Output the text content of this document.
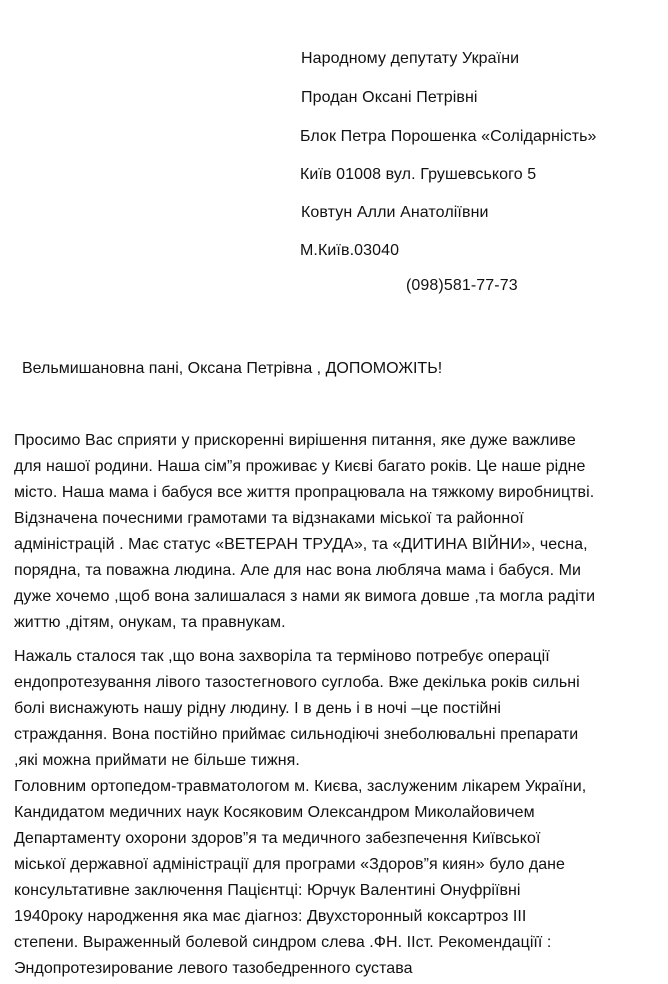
Народному депутату України
Продан Оксані Петрівні
Блок Петра Порошенка «Солідарність»
Київ 01008 вул. Грушевського 5
Ковтун Алли Анатоліївни
М.Київ.03040
(098)581-77-73
Вельмишановна пані, Оксана Петрівна , ДОПОМОЖІТЬ!
Просимо Вас сприяти у прискоренні вирішення питання, яке дуже важливе
для нашої родини. Наша сім”я проживає у Києві багато років. Це наше рідне
місто. Наша мама і бабуся все життя пропрацювала на тяжкому виробництві.
Відзначена почесними грамотами та відзнаками міської та районної
адміністрацій . Має статус «ВЕТЕРАН ТРУДА», та «ДИТИНА ВІЙНИ», чесна,
порядна, та поважна людина. Але для нас вона любляча мама і бабуся. Ми
дуже хочемо ,щоб вона залишалася з нами як вимога довше ,та могла радіти
життю ,дітям, онукам, та правнукам.
Нажаль сталося так ,що вона захворіла та терміново потребує операції
ендопротезування лівого тазостегнового суглоба. Вже декілька років сильні
болі виснажують нашу рідну людину. І в день і в ночі –це постійні
страждання. Вона постійно приймає сильнодіючі знеболювальні препарати
,які можна приймати не більше тижня.
Головним ортопедом-травматологом м. Києва, заслуженим лікарем України,
Кандидатом медичних наук Косяковим Олександром Миколайовичем
Департаменту охорони здоров”я та медичного забезпечення Київської
міської державної адміністрації для програми «Здоров”я киян» було дане
консультативне заключення Пацієнтці: Юрчук Валентині Онуфріївні
1940року народження яка має діагноз: Двухсторонный коксартроз III
степени. Выраженный болевой синдром слева .ФН. IIст. Рекомендаціїї :
Эндопротезирование левого тазобедренного сустава
